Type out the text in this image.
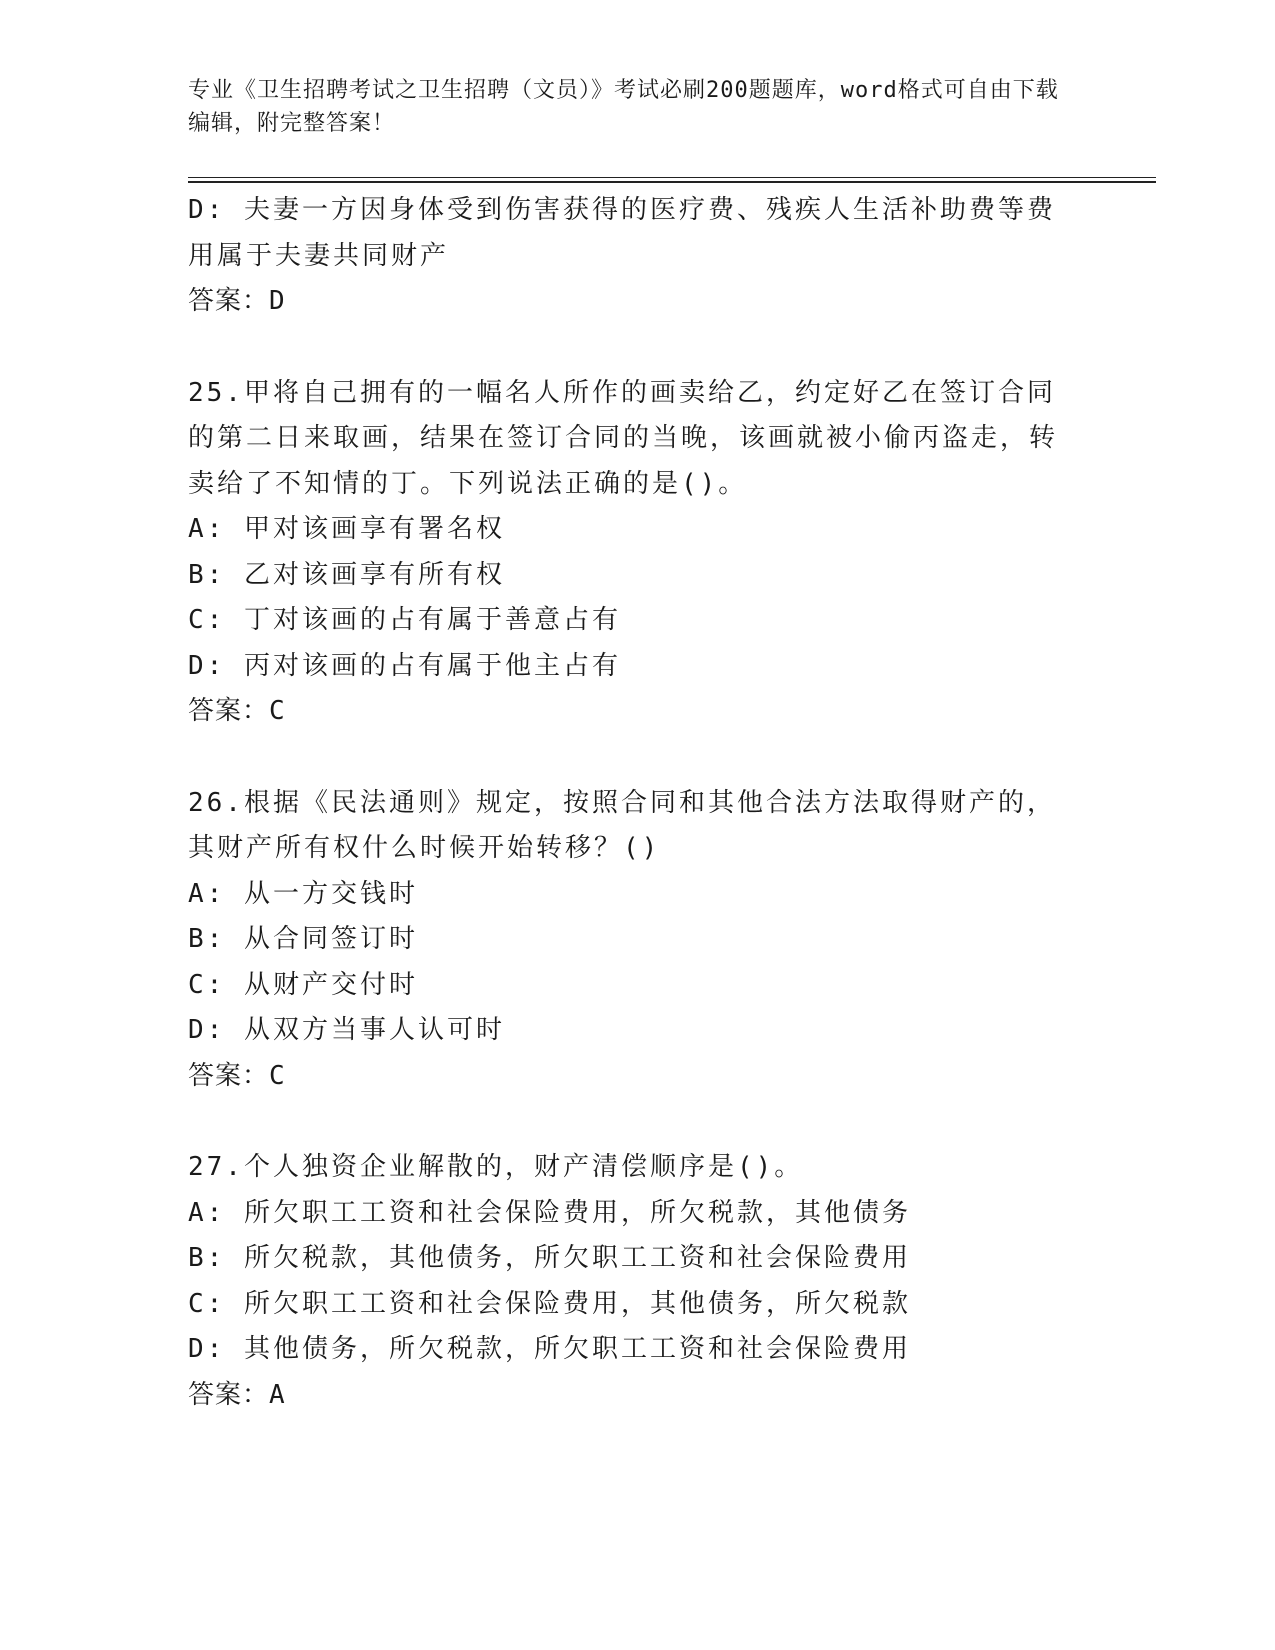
专业《卫生招聘考试之卫生招聘（文员）》考试必刷200题题库，word格式可自由下载编辑，附完整答案！
D: 夫妻一方因身体受到伤害获得的医疗费、残疾人生活补助费等费用属于夫妻共同财产
答案：D
25.甲将自己拥有的一幅名人所作的画卖给乙，约定好乙在签订合同的第二日来取画，结果在签订合同的当晚，该画就被小偷丙盗走，转卖给了不知情的丁。下列说法正确的是()。
A: 甲对该画享有署名权
B: 乙对该画享有所有权
C: 丁对该画的占有属于善意占有
D: 丙对该画的占有属于他主占有
答案：C
26.根据《民法通则》规定，按照合同和其他合法方法取得财产的，其财产所有权什么时候开始转移？()
A: 从一方交钱时
B: 从合同签订时
C: 从财产交付时
D: 从双方当事人认可时
答案：C
27.个人独资企业解散的，财产清偿顺序是()。
A: 所欠职工工资和社会保险费用，所欠税款，其他债务
B: 所欠税款，其他债务，所欠职工工资和社会保险费用
C: 所欠职工工资和社会保险费用，其他债务，所欠税款
D: 其他债务，所欠税款，所欠职工工资和社会保险费用
答案：A
